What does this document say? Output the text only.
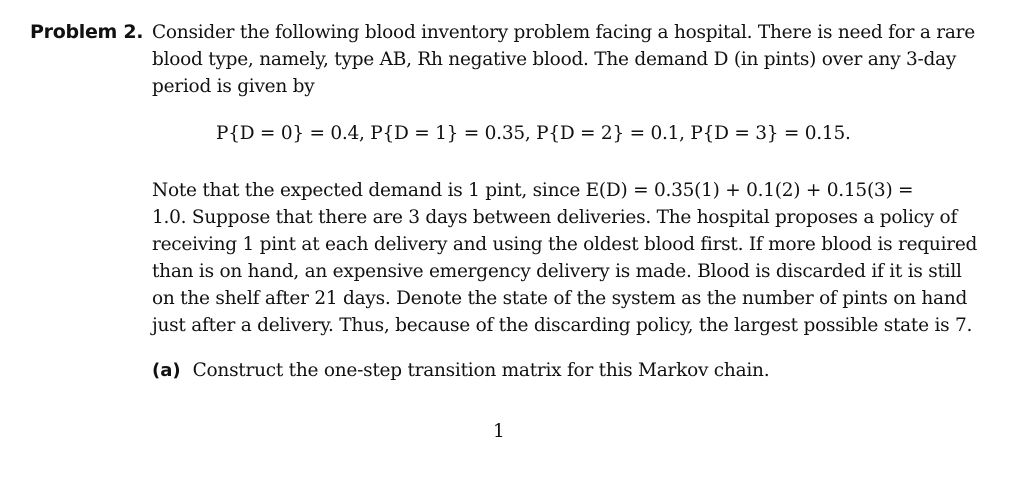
Problem 2. Consider the following blood inventory problem facing a hospital. There is need for a rare
blood type, namely, type AB, Rh negative blood. The demand D (in pints) over any 3-day
period is given by
P{D = 0} = 0.4, P{D = 1} = 0.35, P{D = 2} = 0.1, P{D = 3} = 0.15.
Note that the expected demand is 1 pint, since E(D) = 0.35(1) + 0.1(2) + 0.15(3) =
1.0. Suppose that there are 3 days between deliveries. The hospital proposes a policy of
receiving 1 pint at each delivery and using the oldest blood first. If more blood is required
than is on hand, an expensive emergency delivery is made. Blood is discarded if it is still
on the shelf after 21 days. Denote the state of the system as the number of pints on hand
just after a delivery. Thus, because of the discarding policy, the largest possible state is 7.
(a) Construct the one-step transition matrix for this Markov chain.
1
